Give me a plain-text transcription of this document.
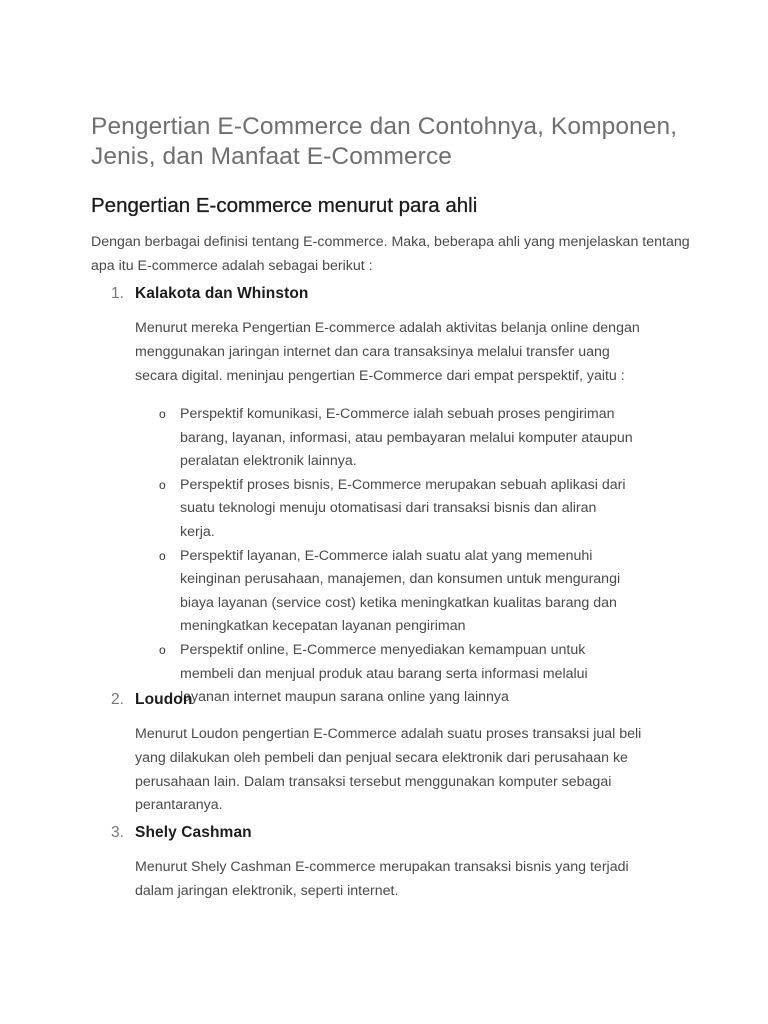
Pengertian E-Commerce dan Contohnya, Komponen, Jenis, dan Manfaat E-Commerce
Pengertian E-commerce menurut para ahli

Dengan berbagai definisi tentang E-commerce. Maka, beberapa ahli yang menjelaskan tentang apa itu E-commerce adalah sebagai berikut :

1. Kalakota dan Whinston

Menurut mereka Pengertian E-commerce adalah aktivitas belanja online dengan menggunakan jaringan internet dan cara transaksinya melalui transfer uang secara digital. meninjau pengertian E-Commerce dari empat perspektif, yaitu :

o Perspektif komunikasi, E-Commerce ialah sebuah proses pengiriman barang, layanan, informasi, atau pembayaran melalui komputer ataupun peralatan elektronik lainnya.
o Perspektif proses bisnis, E-Commerce merupakan sebuah aplikasi dari suatu teknologi menuju otomatisasi dari transaksi bisnis dan aliran kerja.
o Perspektif layanan, E-Commerce ialah suatu alat yang memenuhi keinginan perusahaan, manajemen, dan konsumen untuk mengurangi biaya layanan (service cost) ketika meningkatkan kualitas barang dan meningkatkan kecepatan layanan pengiriman
o Perspektif online, E-Commerce menyediakan kemampuan untuk membeli dan menjual produk atau barang serta informasi melalui layanan internet maupun sarana online yang lainnya
2. Loudon

Menurut Loudon pengertian E-Commerce adalah suatu proses transaksi jual beli yang dilakukan oleh pembeli dan penjual secara elektronik dari perusahaan ke perusahaan lain. Dalam transaksi tersebut menggunakan komputer sebagai perantaranya.

3. Shely Cashman

Menurut Shely Cashman E-commerce merupakan transaksi bisnis yang terjadi dalam jaringan elektronik, seperti internet.
